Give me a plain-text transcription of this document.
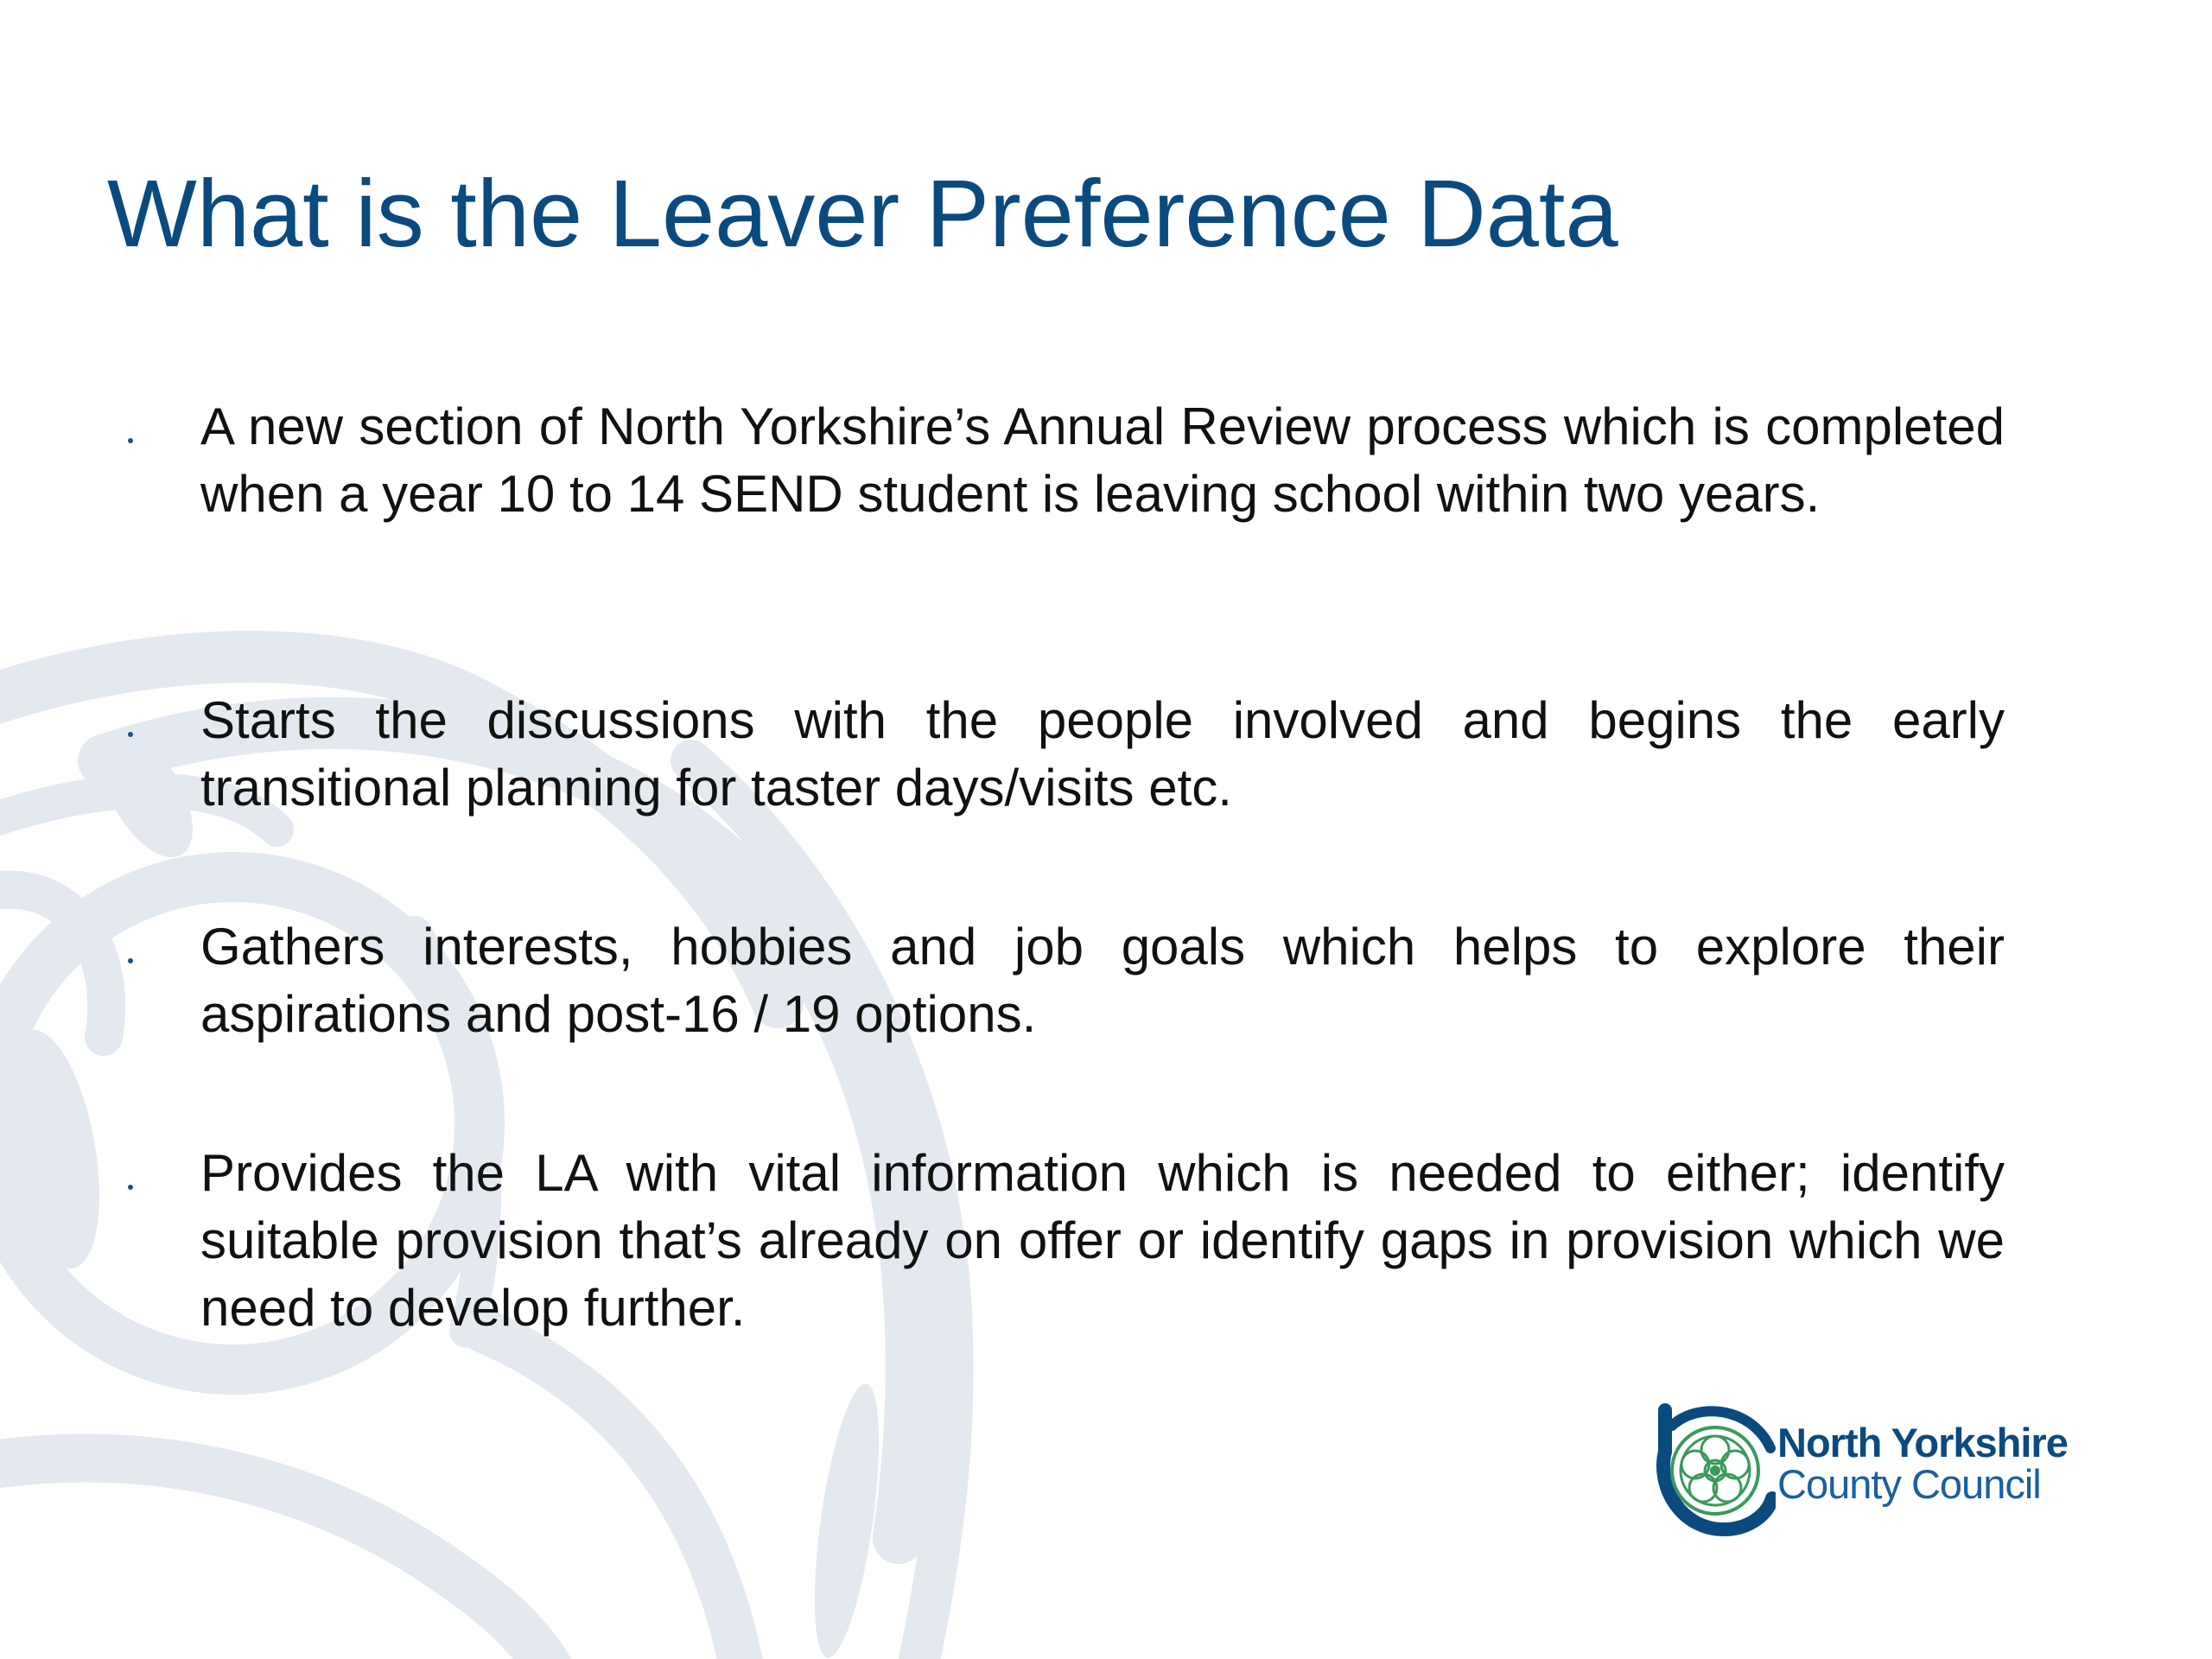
What is the Leaver Preference Data
A new section of North Yorkshire’s Annual Review process which is completed when a year 10 to 14 SEND student is leaving school within two years.
Starts the discussions with the people involved and begins the early transitional planning for taster days/visits etc.
Gathers interests, hobbies and job goals which helps to explore their aspirations and post-16 / 19 options.
Provides the LA with vital information which is needed to either; identify suitable provision that’s already on offer or identify gaps in provision which we need to develop further.
North Yorkshire
County Council
